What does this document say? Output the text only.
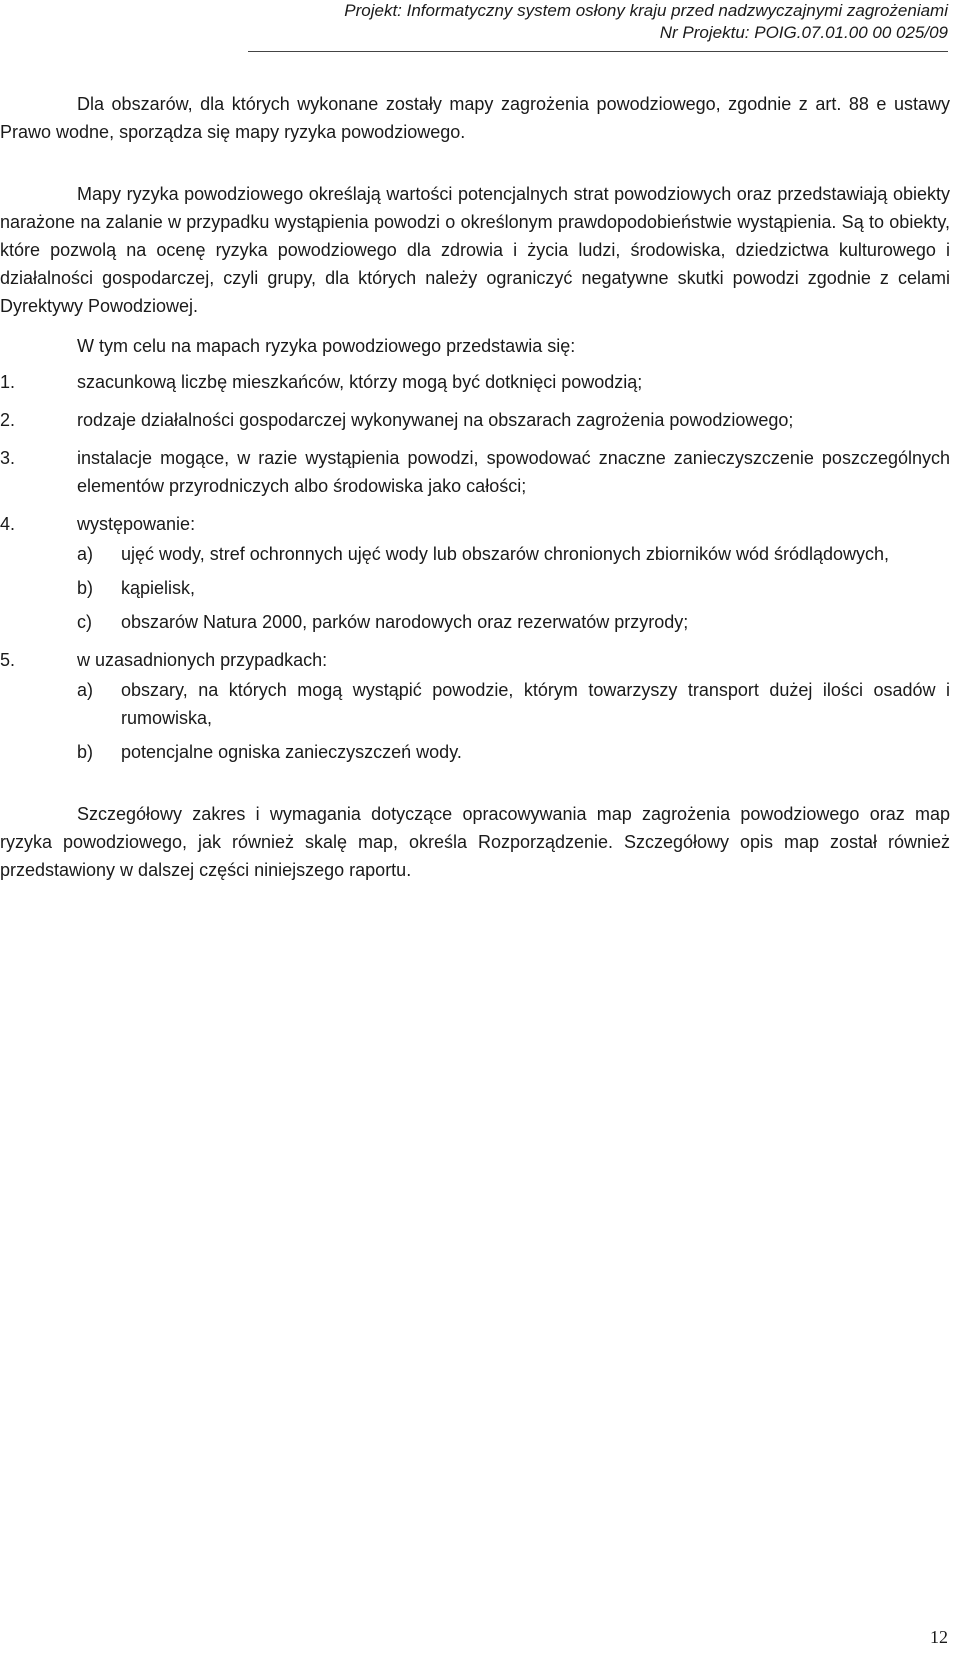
Projekt: Informatyczny system osłony kraju przed nadzwyczajnymi zagrożeniami
Nr Projektu: POIG.07.01.00 00 025/09

Dla obszarów, dla których wykonane zostały mapy zagrożenia powodziowego, zgodnie z art. 88 e ustawy Prawo wodne, sporządza się mapy ryzyka powodziowego.

Mapy ryzyka powodziowego określają wartości potencjalnych strat powodziowych oraz przedstawiają obiekty narażone na zalanie w przypadku wystąpienia powodzi o określonym prawdopodobieństwie wystąpienia. Są to obiekty, które pozwolą na ocenę ryzyka powodziowego dla zdrowia i życia ludzi, środowiska, dziedzictwa kulturowego i działalności gospodarczej, czyli grupy, dla których należy ograniczyć negatywne skutki powodzi zgodnie z celami Dyrektywy Powodziowej.

W tym celu na mapach ryzyka powodziowego przedstawia się:

1.	szacunkową liczbę mieszkańców, którzy mogą być dotknięci powodzią;
2.	rodzaje działalności gospodarczej wykonywanej na obszarach zagrożenia powodziowego;
3.	instalacje mogące, w razie wystąpienia powodzi, spowodować znaczne zanieczyszczenie poszczególnych elementów przyrodniczych albo środowiska jako całości;
4.	występowanie:
a) ujęć wody, stref ochronnych ujęć wody lub obszarów chronionych zbiorników wód śródlądowych,
b) kąpielisk,
c) obszarów Natura 2000, parków narodowych oraz rezerwatów przyrody;
5.	w uzasadnionych przypadkach:
a) obszary, na których mogą wystąpić powodzie, którym towarzyszy transport dużej ilości osadów i rumowiska,
b) potencjalne ogniska zanieczyszczeń wody.

Szczegółowy zakres i wymagania dotyczące opracowywania map zagrożenia powodziowego oraz map ryzyka powodziowego, jak również skalę map, określa Rozporządzenie. Szczegółowy opis map został również przedstawiony w dalszej części niniejszego raportu.

12
